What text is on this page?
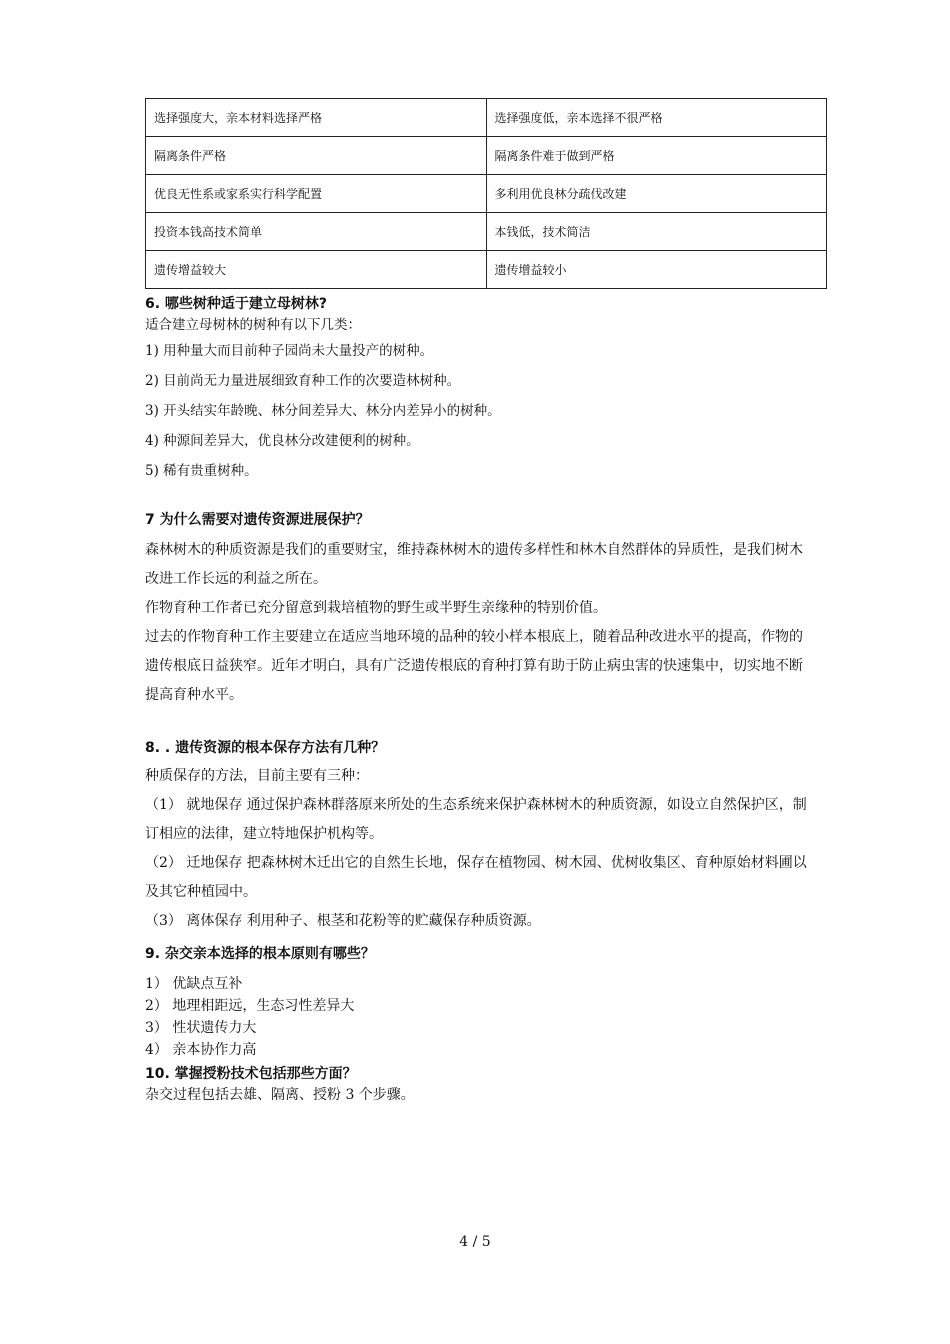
选择强度大，亲本材料选择严格	选择强度低，亲本选择不很严格
隔离条件严格	隔离条件难于做到严格
优良无性系或家系实行科学配置	多利用优良林分疏伐改建
投资本钱高技术简单	本钱低，技术简洁
遗传增益较大	遗传增益较小

6. 哪些树种适于建立母树林?

适合建立母树林的树种有以下几类：

1) 用种量大而目前种子园尚未大量投产的树种。

2) 目前尚无力量进展细致育种工作的次要造林树种。

3) 开头结实年龄晚、林分间差异大、林分内差异小的树种。

4) 种源间差异大，优良林分改建便利的树种。

5) 稀有贵重树种。

7 为什么需要对遗传资源进展保护？

森林树木的种质资源是我们的重要财宝，维持森林树木的遗传多样性和林木自然群体的异质性，是我们树木改进工作长远的利益之所在。

作物育种工作者已充分留意到栽培植物的野生或半野生亲缘种的特别价值。

过去的作物育种工作主要建立在适应当地环境的品种的较小样本根底上，随着品种改进水平的提高，作物的遗传根底日益狭窄。近年才明白，具有广泛遗传根底的育种打算有助于防止病虫害的快速集中，切实地不断提高育种水平。

8. . 遗传资源的根本保存方法有几种？

种质保存的方法，目前主要有三种：

（1） 就地保存 通过保护森林群落原来所处的生态系统来保护森林树木的种质资源，如设立自然保护区，制订相应的法律，建立特地保护机构等。

（2） 迁地保存 把森林树木迁出它的自然生长地，保存在植物园、树木园、优树收集区、育种原始材料圃以及其它种植园中。

（3） 离体保存 利用种子、根茎和花粉等的贮藏保存种质资源。

9. 杂交亲本选择的根本原则有哪些？

1） 优缺点互补

2） 地理相距远，生态习性差异大

3） 性状遗传力大

4） 亲本协作力高

10. 掌握授粉技术包括那些方面？

杂交过程包括去雄、隔离、授粉 3 个步骤。

4 / 5
